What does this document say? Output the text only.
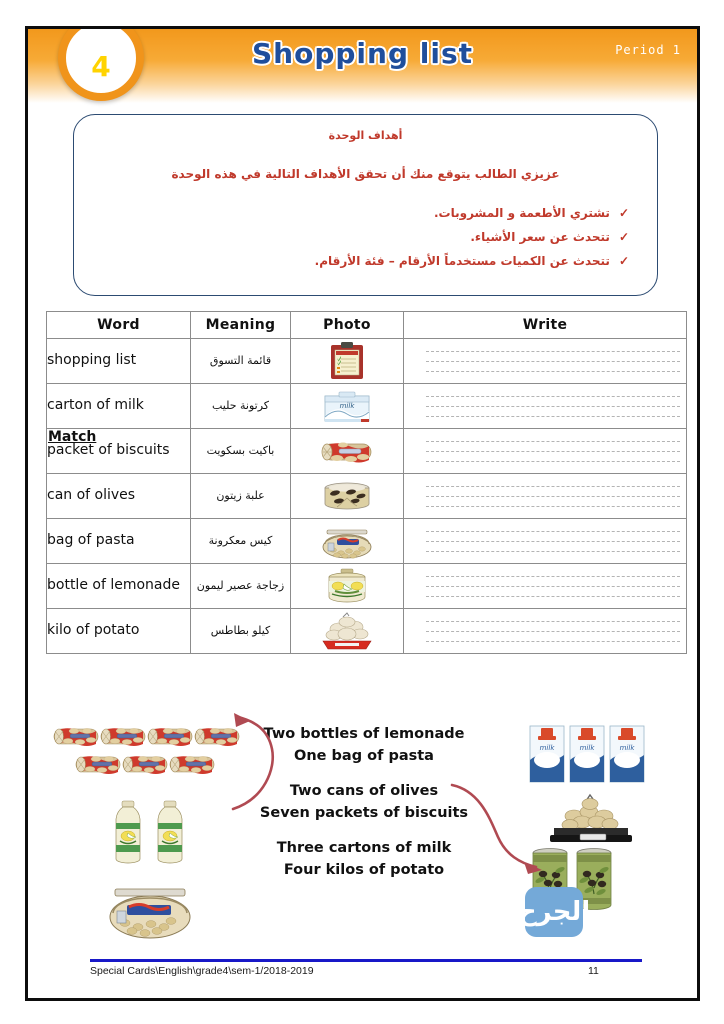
Shopping list	Period 1
4
أهداف الوحدة
عزيزي الطالب يتوقع منك أن تحقق الأهداف التالية في هذه الوحدة
✓
تشتري الأطعمة و المشروبات.
✓
تتحدث عن سعر الأشياء.
✓
تتحدث عن الكميات مستخدماً الأرقام – فئة الأرقام.
Word	Meaning	Photo	Write
shopping list	قائمة التسوق		

carton of milk	كرتونة حليب	milk	

packet of biscuits	باكيت بسكويت		

can of olives	علبة زيتون		

bag of pasta	كيس معكرونة		

bottle of lemonade	زجاجة عصير ليمون		

kilo of potato	كيلو بطاطس		
Match
Two bottles of lemonade
One bag of pasta
Two cans of olives
Seven packets of biscuits
Three cartons of milk
Four kilos of potato
milk	milk	milk
الجرح
Special Cards\English\grade4\sem-1/2018-2019	11
